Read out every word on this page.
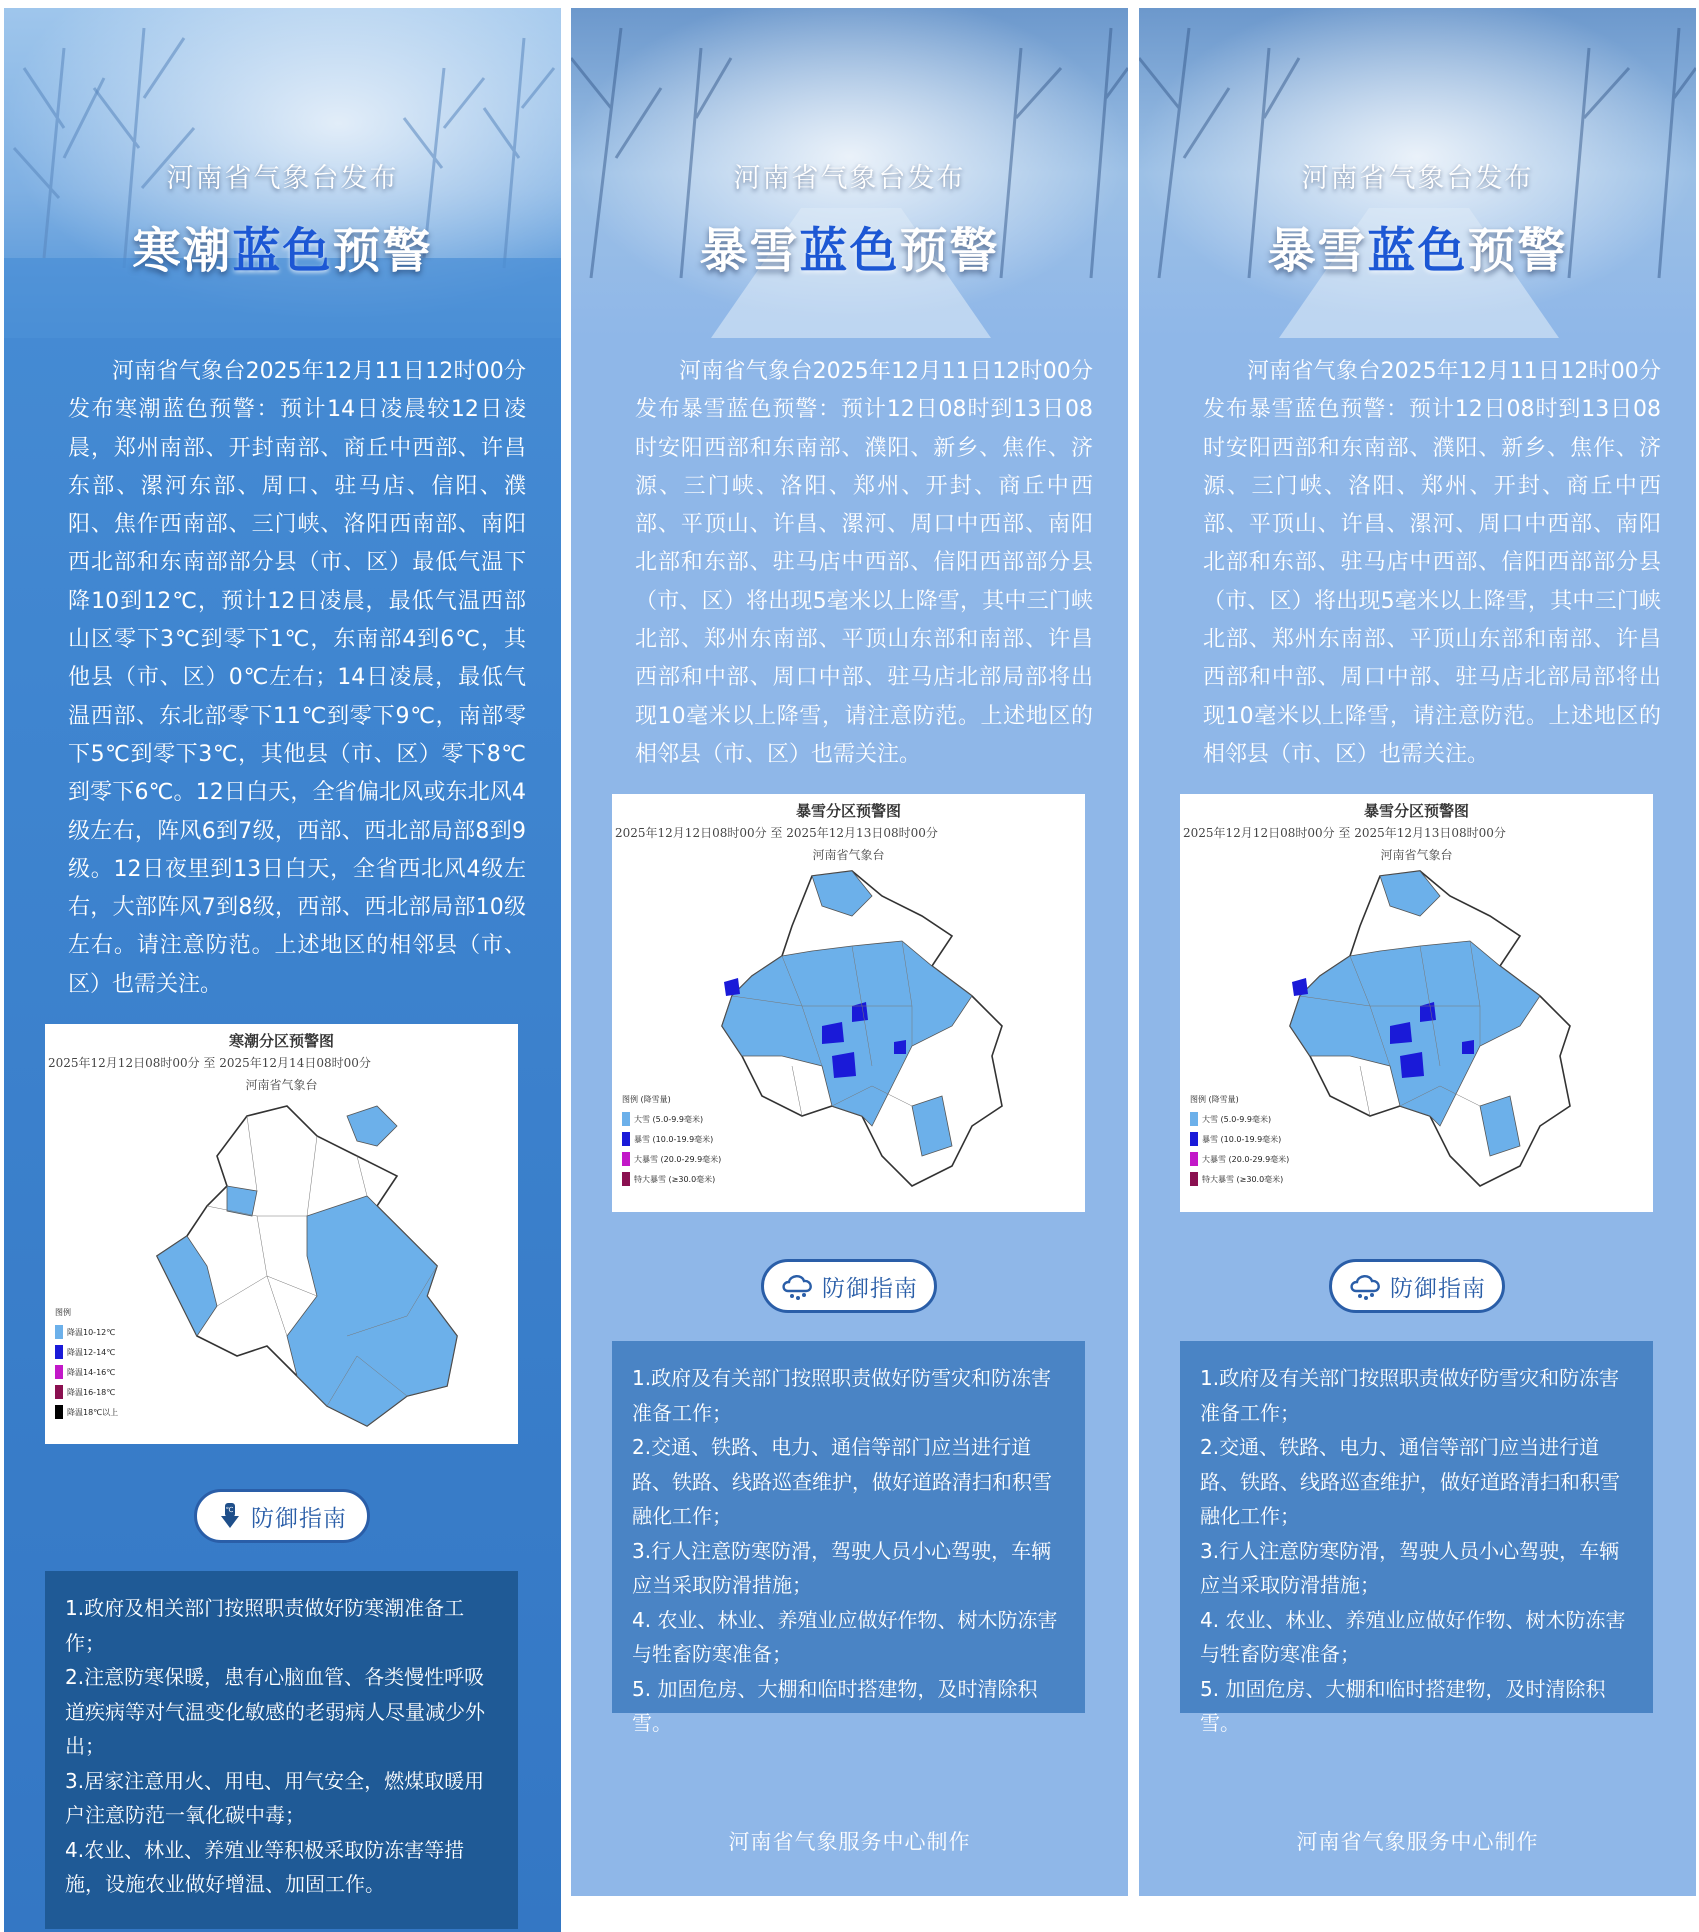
河南省气象台发布
寒潮蓝色预警
河南省气象台2025年12月11日12时00分发布寒潮蓝色预警：预计14日凌晨较12日凌晨，郑州南部、开封南部、商丘中西部、许昌东部、漯河东部、周口、驻马店、信阳、濮阳、焦作西南部、三门峡、洛阳西南部、南阳西北部和东南部部分县（市、区）最低气温下降10到12℃，预计12日凌晨，最低气温西部山区零下3℃到零下1℃，东南部4到6℃，其他县（市、区）0℃左右；14日凌晨，最低气温西部、东北部零下11℃到零下9℃，南部零下5℃到零下3℃，其他县（市、区）零下8℃到零下6℃。12日白天，全省偏北风或东北风4级左右，阵风6到7级，西部、西北部局部8到9级。12日夜里到13日白天，全省西北风4级左右，大部阵风7到8级，西部、西北部局部10级左右。请注意防范。上述地区的相邻县（市、区）也需关注。
寒潮分区预警图
2025年12月12日08时00分 至 2025年12月14日08时00分
河南省气象台
图例
降温10-12℃
降温12-14℃
降温14-16℃
降温16-18℃
降温18℃以上
℃ 防御指南
1.政府及相关部门按照职责做好防寒潮准备工作；
2.注意防寒保暖，患有心脑血管、各类慢性呼吸道疾病等对气温变化敏感的老弱病人尽量减少外出；
3.居家注意用火、用电、用气安全，燃煤取暖用户注意防范一氧化碳中毒；
4.农业、林业、养殖业等积极采取防冻害等措施，设施农业做好增温、加固工作。
河南省气象台发布
暴雪蓝色预警
河南省气象台2025年12月11日12时00分发布暴雪蓝色预警：预计12日08时到13日08时安阳西部和东南部、濮阳、新乡、焦作、济源、三门峡、洛阳、郑州、开封、商丘中西部、平顶山、许昌、漯河、周口中西部、南阳北部和东部、驻马店中西部、信阳西部部分县（市、区）将出现5毫米以上降雪，其中三门峡北部、郑州东南部、平顶山东部和南部、许昌西部和中部、周口中部、驻马店北部局部将出现10毫米以上降雪，请注意防范。上述地区的相邻县（市、区）也需关注。
暴雪分区预警图
2025年12月12日08时00分 至 2025年12月13日08时00分
河南省气象台
图例 (降雪量)
大雪 (5.0-9.9毫米)
暴雪 (10.0-19.9毫米)
大暴雪 (20.0-29.9毫米)
特大暴雪 (≥30.0毫米)
防御指南
1.政府及有关部门按照职责做好防雪灾和防冻害准备工作；
2.交通、铁路、电力、通信等部门应当进行道路、铁路、线路巡查维护，做好道路清扫和积雪融化工作；
3.行人注意防寒防滑，驾驶人员小心驾驶，车辆应当采取防滑措施；
4. 农业、林业、养殖业应做好作物、树木防冻害与牲畜防寒准备；
5. 加固危房、大棚和临时搭建物，及时清除积雪。
河南省气象服务中心制作
河南省气象台发布
暴雪蓝色预警
河南省气象台2025年12月11日12时00分发布暴雪蓝色预警：预计12日08时到13日08时安阳西部和东南部、濮阳、新乡、焦作、济源、三门峡、洛阳、郑州、开封、商丘中西部、平顶山、许昌、漯河、周口中西部、南阳北部和东部、驻马店中西部、信阳西部部分县（市、区）将出现5毫米以上降雪，其中三门峡北部、郑州东南部、平顶山东部和南部、许昌西部和中部、周口中部、驻马店北部局部将出现10毫米以上降雪，请注意防范。上述地区的相邻县（市、区）也需关注。
暴雪分区预警图
2025年12月12日08时00分 至 2025年12月13日08时00分
河南省气象台
图例 (降雪量)
大雪 (5.0-9.9毫米)
暴雪 (10.0-19.9毫米)
大暴雪 (20.0-29.9毫米)
特大暴雪 (≥30.0毫米)
防御指南
1.政府及有关部门按照职责做好防雪灾和防冻害准备工作；
2.交通、铁路、电力、通信等部门应当进行道路、铁路、线路巡查维护，做好道路清扫和积雪融化工作；
3.行人注意防寒防滑，驾驶人员小心驾驶，车辆应当采取防滑措施；
4. 农业、林业、养殖业应做好作物、树木防冻害与牲畜防寒准备；
5. 加固危房、大棚和临时搭建物，及时清除积雪。
河南省气象服务中心制作
